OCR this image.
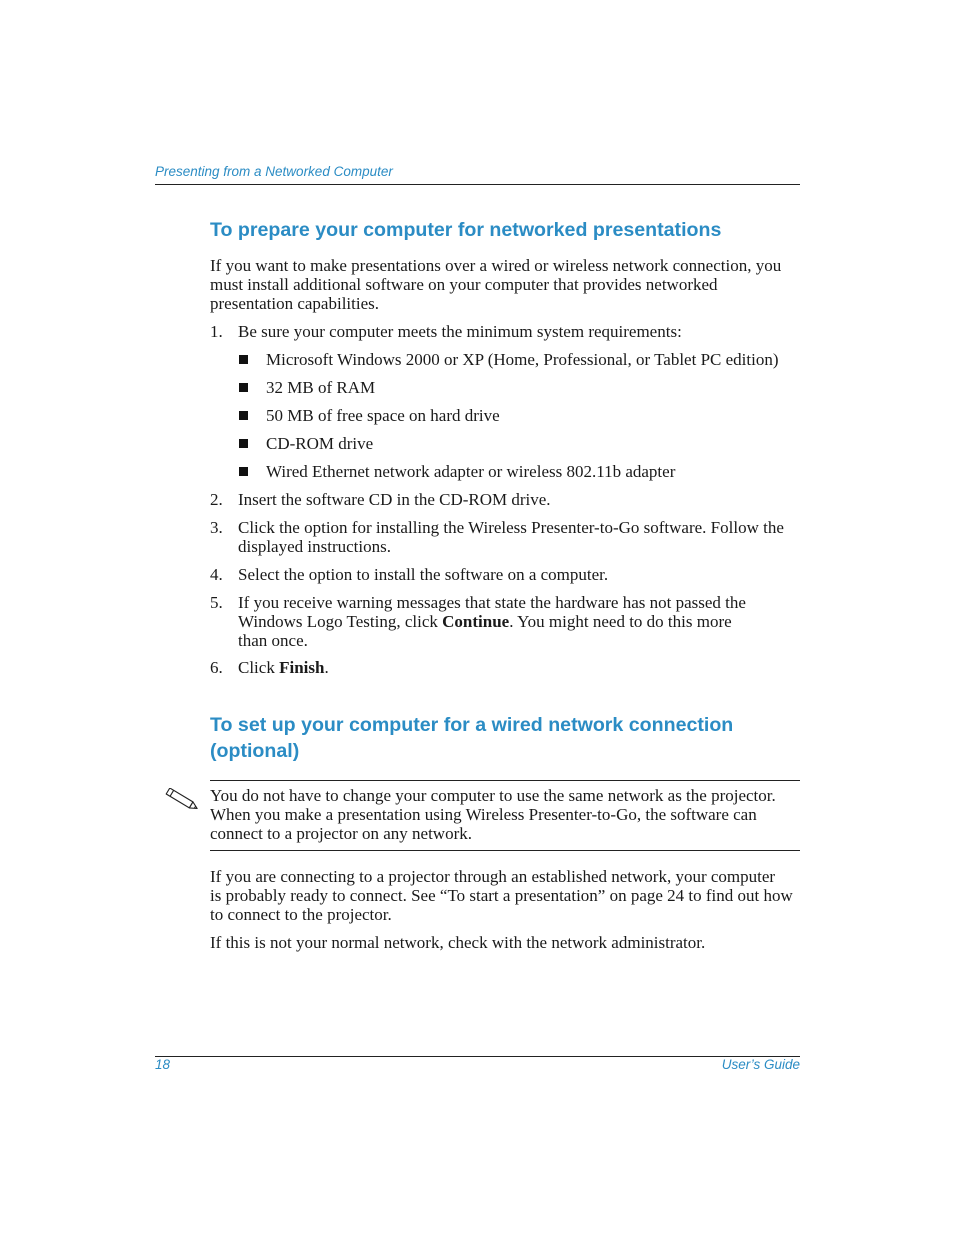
Presenting from a Networked Computer
To prepare your computer for networked presentations
If you want to make presentations over a wired or wireless network connection, you
must install additional software on your computer that provides networked
presentation capabilities.
1. Be sure your computer meets the minimum system requirements:
Microsoft Windows 2000 or XP (Home, Professional, or Tablet PC edition)
32 MB of RAM
50 MB of free space on hard drive
CD-ROM drive
Wired Ethernet network adapter or wireless 802.11b adapter
2. Insert the software CD in the CD-ROM drive.
3. Click the option for installing the Wireless Presenter-to-Go software. Follow the
displayed instructions.
4. Select the option to install the software on a computer.
5. If you receive warning messages that state the hardware has not passed the
Windows Logo Testing, click Continue. You might need to do this more
than once.
6. Click Finish.
To set up your computer for a wired network connection
(optional)
You do not have to change your computer to use the same network as the projector.
When you make a presentation using Wireless Presenter-to-Go, the software can
connect to a projector on any network.
If you are connecting to a projector through an established network, your computer
is probably ready to connect. See “To start a presentation” on page 24 to find out how
to connect to the projector.
If this is not your normal network, check with the network administrator.
18	User’s Guide
